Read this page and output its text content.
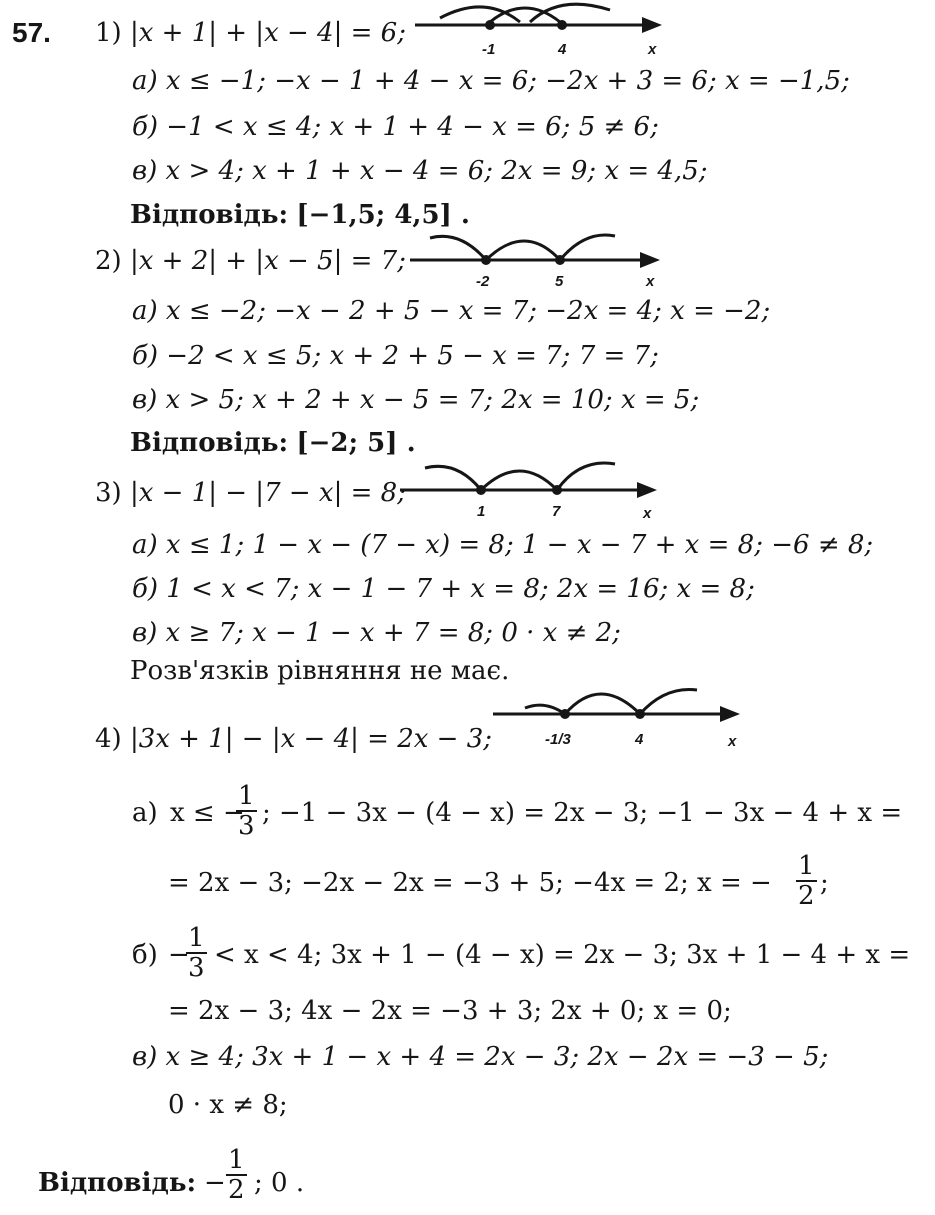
57. 1) |x + 1| + |x − 4| = 6;
-1	4	x
а) x ≤ −1; −x − 1 + 4 − x = 6; −2x + 3 = 6; x = −1,5;
б) −1 < x ≤ 4; x + 1 + 4 − x = 6; 5 ≠ 6;
в) x > 4; x + 1 + x − 4 = 6; 2x = 9; x = 4,5;
Відповідь: [−1,5; 4,5] .
2) |x + 2| + |x − 5| = 7;
-2	5	x
а) x ≤ −2; −x − 2 + 5 − x = 7; −2x = 4; x = −2;
б) −2 < x ≤ 5; x + 2 + 5 − x = 7; 7 = 7;
в) x > 5; x + 2 + x − 5 = 7; 2x = 10; x = 5;
Відповідь: [−2; 5] .
3) |x − 1| − |7 − x| = 8;
1	7	x
а) x ≤ 1; 1 − x − (7 − x) = 8; 1 − x − 7 + x = 8; −6 ≠ 8;
б) 1 < x < 7; x − 1 − 7 + x = 8; 2x = 16; x = 8;
в) x ≥ 7; x − 1 − x + 7 = 8; 0 · x ≠ 2;
Розв'язків рівняння не має.
4) |3x + 1| − |x − 4| = 2x − 3;	-1/3	4	x
а) x ≤ −
$\frac{1}{3}$ ; −1 − 3x − (4 − x) = 2x − 3; −1 − 3x − 4 + x =
= 2x − 3; −2x − 2x = −3 + 5; −4x = 2; x = − $\frac{1}{2}$ ;
б) −
$\frac{1}{3} < x < 4$; 3x + 1 − (4 − x) = 2x − 3; 3x + 1 − 4 + x =
= 2x − 3; 4x − 2x = −3 + 3; 2x + 0; x = 0;
в) x ≥ 4; 3x + 1 − x + 4 = 2x − 3; 2x − 2x = −3 − 5;
0 · x ≠ 8;
Відповідь: − $\frac{1}{2}$ ; 0 .
